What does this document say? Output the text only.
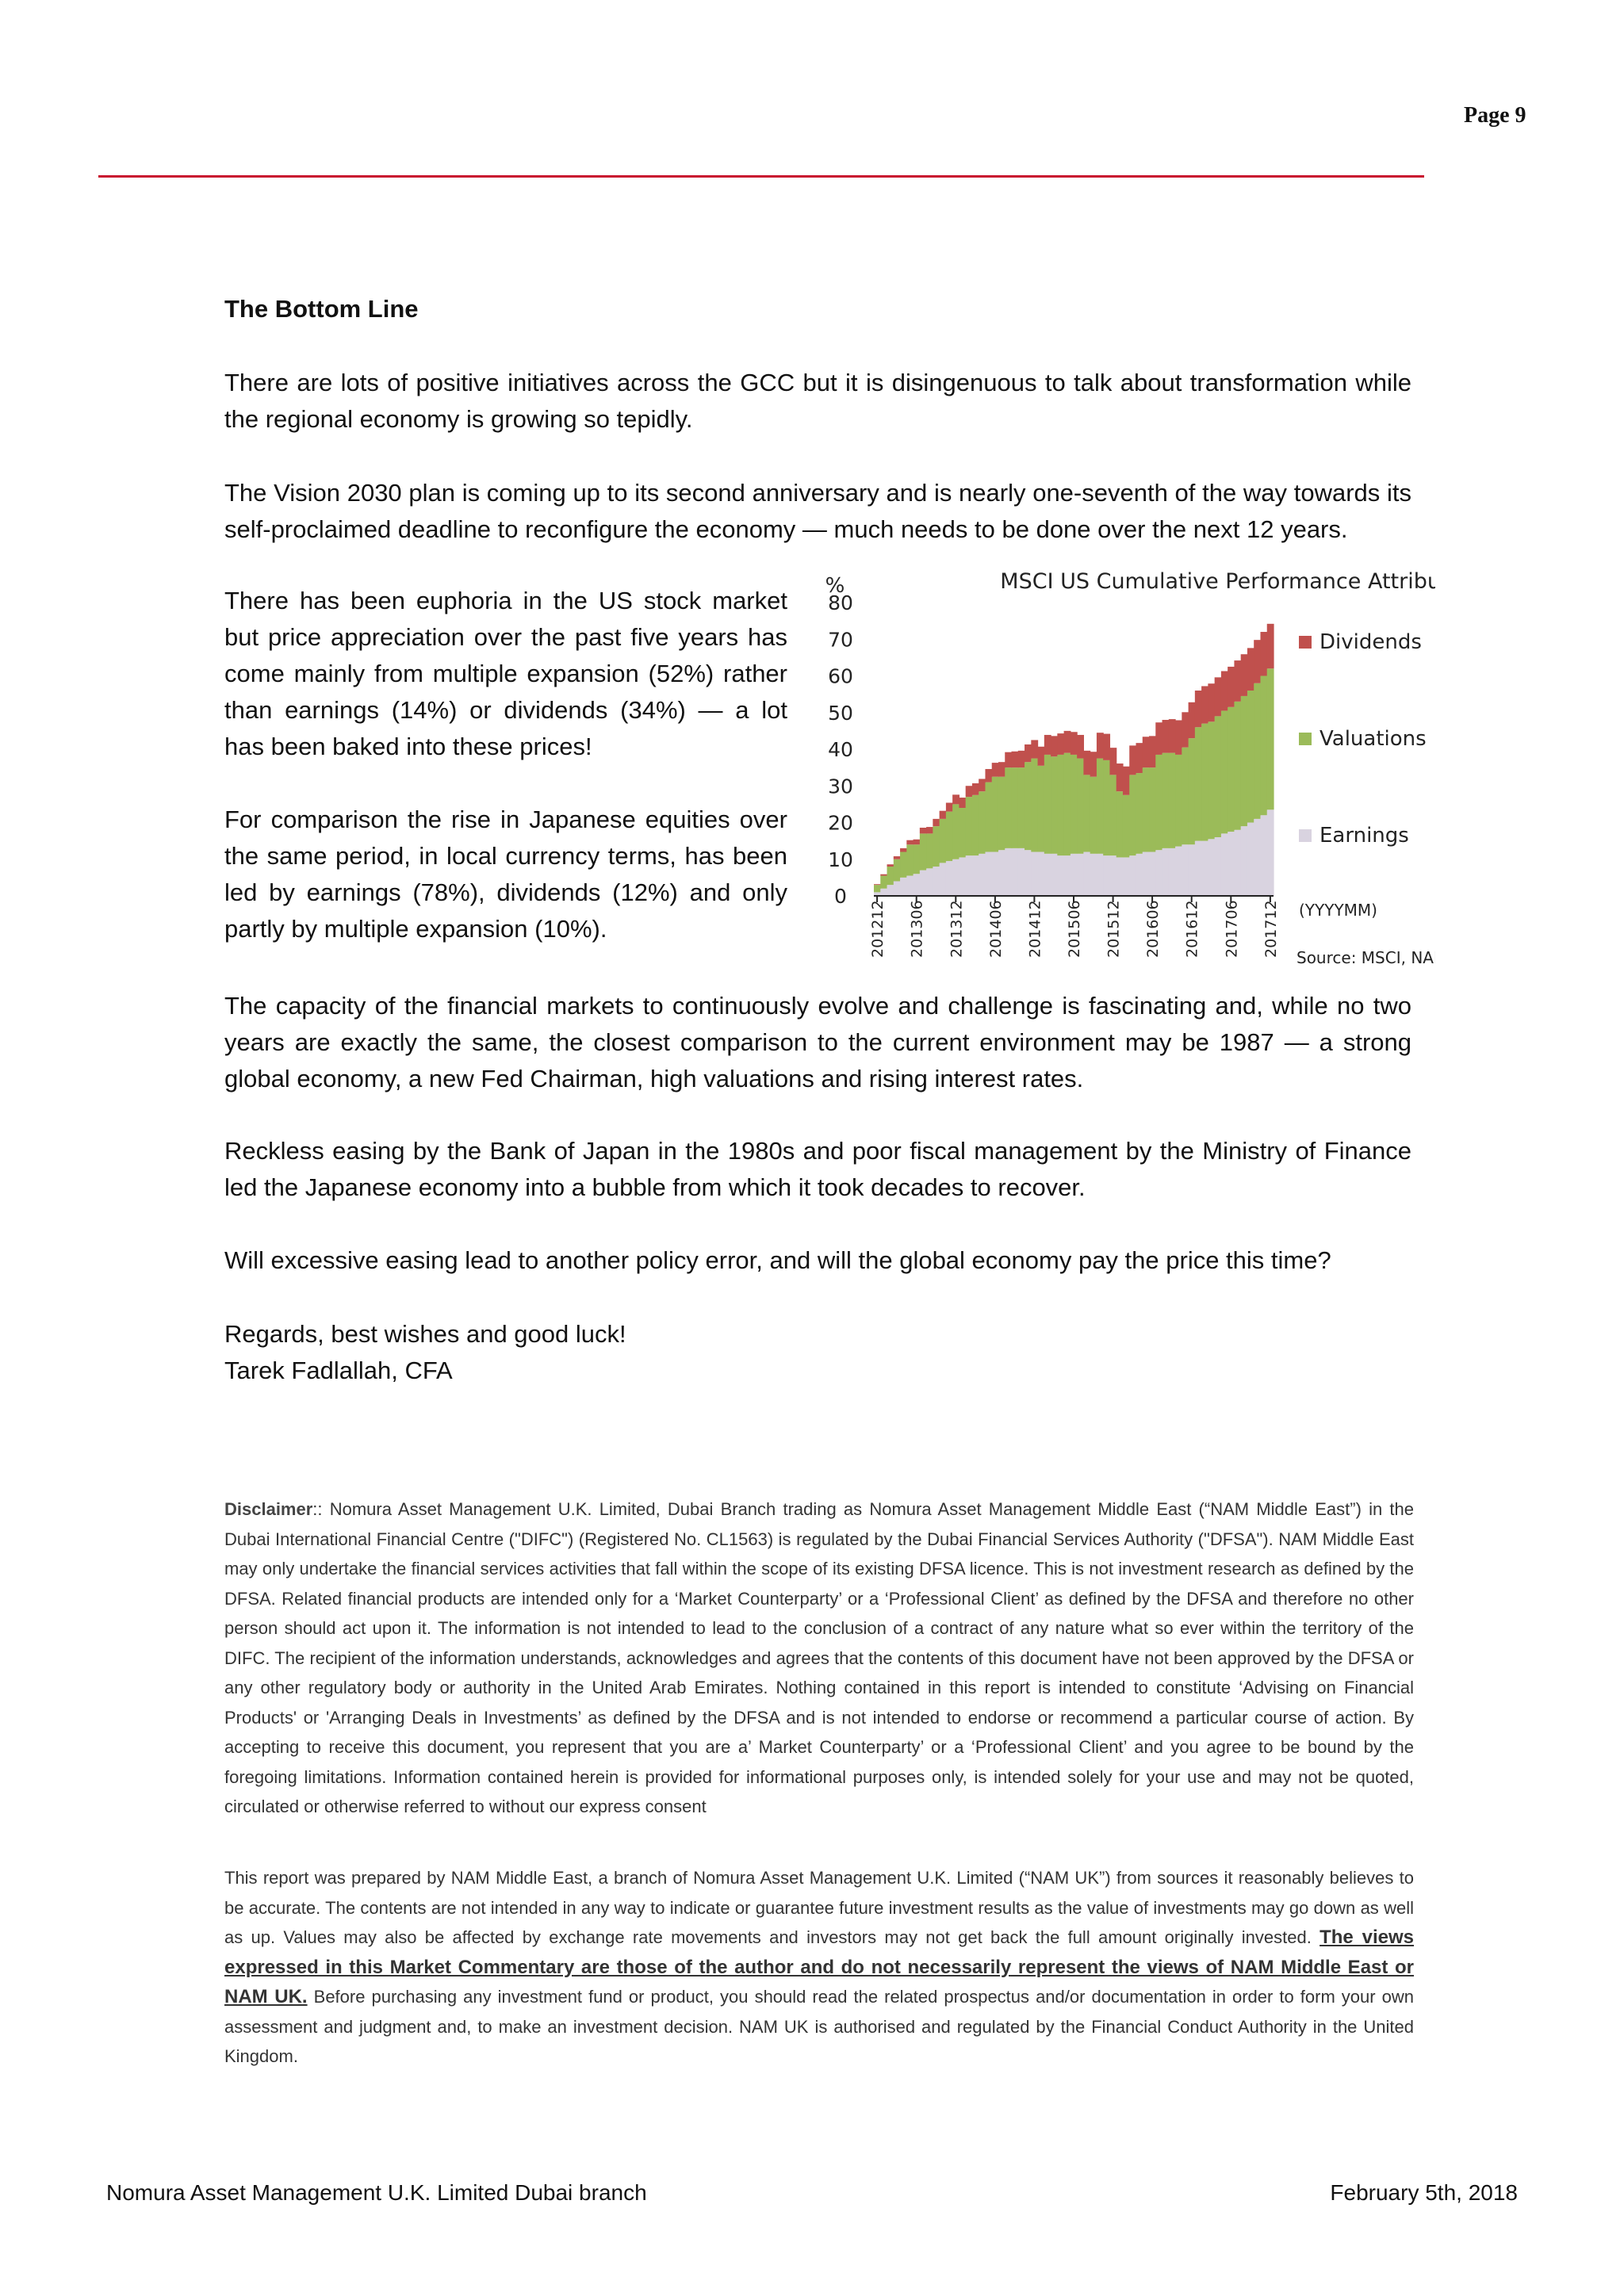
Page 9
The Bottom Line

There are lots of positive initiatives across the GCC but it is disingenuous to talk about transformation while the regional economy is growing so tepidly.

The Vision 2030 plan is coming up to its second anniversary and is nearly one-seventh of the way towards its self-proclaimed deadline to reconfigure the economy — much needs to be done over the next 12 years.

There has been euphoria in the US stock market but price appreciation over the past five years has come mainly from multiple expansion (52%) rather than earnings (14%) or dividends (34%) — a lot has been baked into these prices!

For comparison the rise in Japanese equities over the same period, in local currency terms, has been led by earnings (78%), dividends (12%) and only partly by multiple expansion (10%).

MSCI US Cumulative Performance Attribution
%
0
10
20
30
40
50
60
70
80
201212 201306 201312 201406 201412 201506 201512 201606 201612 201706 201712
Dividends
Valuations
Earnings
(YYYYMM)
Source: MSCI, NAM

The capacity of the financial markets to continuously evolve and challenge is fascinating and, while no two years are exactly the same, the closest comparison to the current environment may be 1987 — a strong global economy, a new Fed Chairman, high valuations and rising interest rates.

Reckless easing by the Bank of Japan in the 1980s and poor fiscal management by the Ministry of Finance led the Japanese economy into a bubble from which it took decades to recover.

Will excessive easing lead to another policy error, and will the global economy pay the price this time?

Regards, best wishes and good luck!
Tarek Fadlallah, CFA

Disclaimer:: Nomura Asset Management U.K. Limited, Dubai Branch trading as Nomura Asset Management Middle East (“NAM Middle East”) in the Dubai International Financial Centre ("DIFC") (Registered No. CL1563) is regulated by the Dubai Financial Services Authority ("DFSA"). NAM Middle East may only undertake the financial services activities that fall within the scope of its existing DFSA licence. This is not investment research as defined by the DFSA. Related financial products are intended only for a ‘Market Counterparty’ or a ‘Professional Client’ as defined by the DFSA and therefore no other person should act upon it. The information is not intended to lead to the conclusion of a contract of any nature what so ever within the territory of the DIFC. The recipient of the information understands, acknowledges and agrees that the contents of this document have not been approved by the DFSA or any other regulatory body or authority in the United Arab Emirates. Nothing contained in this report is intended to constitute ‘Advising on Financial Products' or 'Arranging Deals in Investments’ as defined by the DFSA and is not intended to endorse or recommend a particular course of action. By accepting to receive this document, you represent that you are a’ Market Counterparty’ or a ‘Professional Client’ and you agree to be bound by the foregoing limitations. Information contained herein is provided for informational purposes only, is intended solely for your use and may not be quoted, circulated or otherwise referred to without our express consent

This report was prepared by NAM Middle East, a branch of Nomura Asset Management U.K. Limited (“NAM UK”) from sources it reasonably believes to be accurate. The contents are not intended in any way to indicate or guarantee future investment results as the value of investments may go down as well as up. Values may also be affected by exchange rate movements and investors may not get back the full amount originally invested. The views expressed in this Market Commentary are those of the author and do not necessarily represent the views of NAM Middle East or NAM UK. Before purchasing any investment fund or product, you should read the related prospectus and/or documentation in order to form your own assessment and judgment and, to make an investment decision. NAM UK is authorised and regulated by the Financial Conduct Authority in the United Kingdom.

Nomura Asset Management U.K. Limited Dubai branch	February 5th, 2018
